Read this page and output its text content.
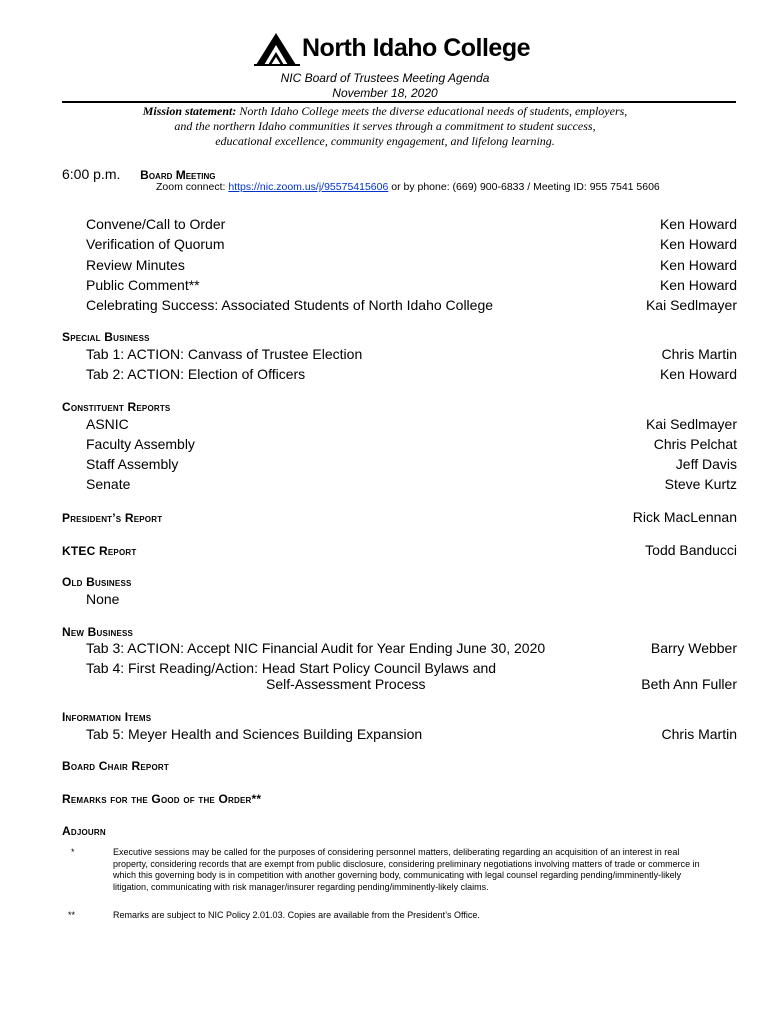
North Idaho College
NIC Board of Trustees Meeting Agenda
November 18, 2020
Mission statement: North Idaho College meets the diverse educational needs of students, employers,
and the northern Idaho communities it serves through a commitment to student success,
educational excellence, community engagement, and lifelong learning.
6:00 p.m. Board Meeting
Zoom connect: https://nic.zoom.us/j/95575415606 or by phone: (669) 900-6833 / Meeting ID: 955 7541 5606
Convene/Call to Order	Ken Howard
Verification of Quorum	Ken Howard
Review Minutes	Ken Howard
Public Comment**	Ken Howard
Celebrating Success: Associated Students of North Idaho College	Kai Sedlmayer
Special Business
Tab 1: ACTION: Canvass of Trustee Election	Chris Martin
Tab 2: ACTION: Election of Officers	Ken Howard
Constituent Reports
ASNIC	Kai Sedlmayer
Faculty Assembly	Chris Pelchat
Staff Assembly	Jeff Davis
Senate	Steve Kurtz
President’s Report	Rick MacLennan
KTEC Report	Todd Banducci
Old Business
None
New Business
Tab 3: ACTION: Accept NIC Financial Audit for Year Ending June 30, 2020	Barry Webber
Tab 4: First Reading/Action: Head Start Policy Council Bylaws and
Self-Assessment Process	Beth Ann Fuller
Information Items
Tab 5: Meyer Health and Sciences Building Expansion	Chris Martin
Board Chair Report
Remarks for the Good of the Order**
Adjourn
*	Executive sessions may be called for the purposes of considering personnel matters, deliberating regarding an acquisition of an interest in real property, considering records that are exempt from public disclosure, considering preliminary negotiations involving matters of trade or commerce in which this governing body is in competition with another governing body, communicating with legal counsel regarding pending/imminently-likely litigation, communicating with risk manager/insurer regarding pending/imminently-likely claims.
**	Remarks are subject to NIC Policy 2.01.03. Copies are available from the President’s Office.
